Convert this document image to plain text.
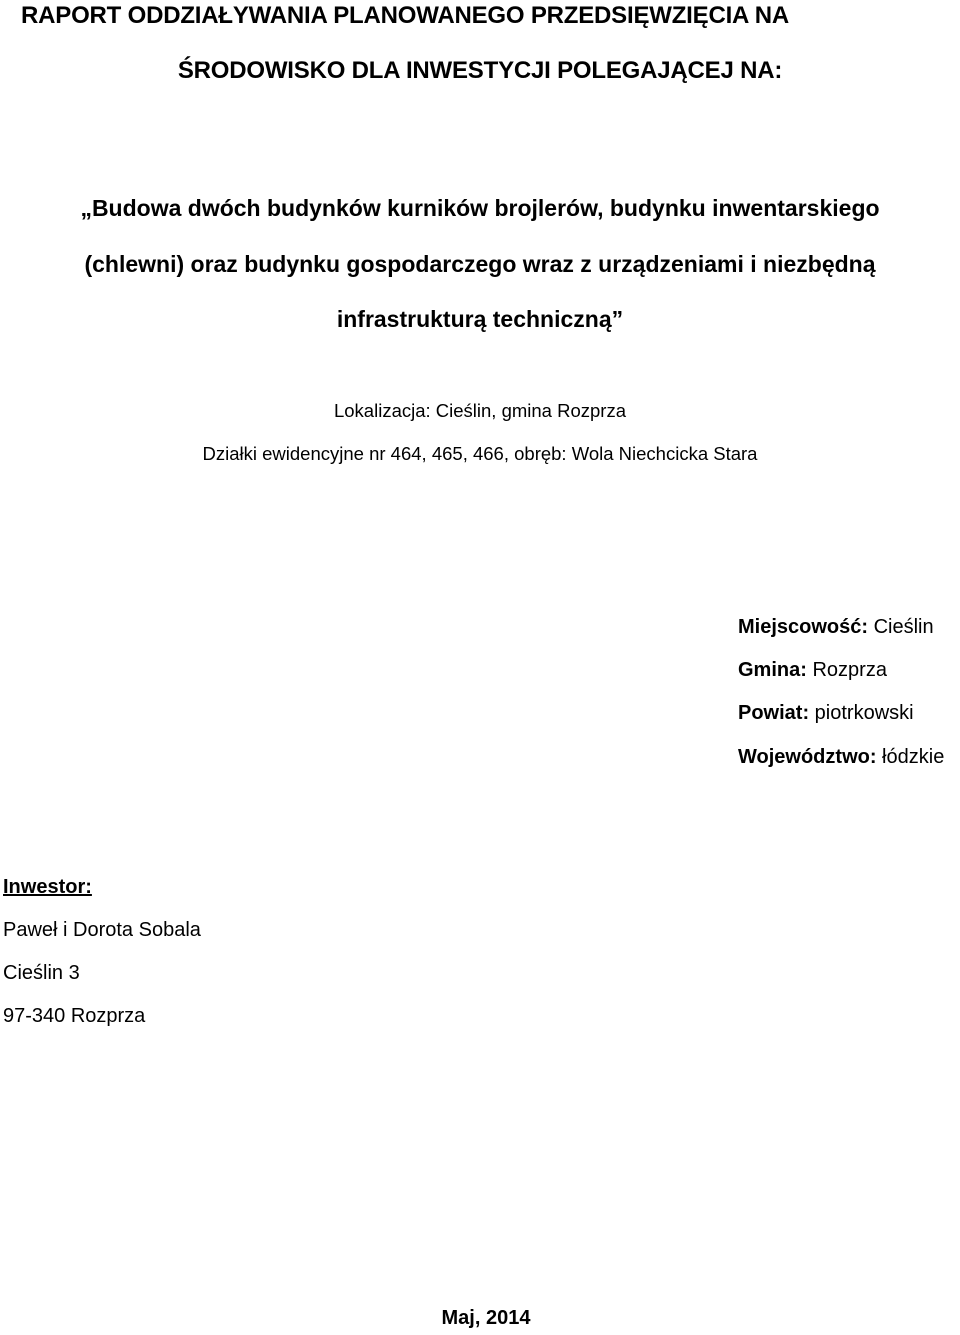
RAPORT ODDZIAŁYWANIA PLANOWANEGO PRZEDSIĘWZIĘCIA NA
ŚRODOWISKO DLA INWESTYCJI POLEGAJĄCEJ NA:
„Budowa dwóch budynków kurników brojlerów, budynku inwentarskiego
(chlewni) oraz budynku gospodarczego wraz z urządzeniami i niezbędną
infrastrukturą techniczną”
Lokalizacja: Cieślin, gmina Rozprza
Działki ewidencyjne nr 464, 465, 466, obręb: Wola Niechcicka Stara
Miejscowość: Cieślin
Gmina: Rozprza
Powiat: piotrkowski
Województwo: łódzkie
Inwestor:
Paweł i Dorota Sobala
Cieślin 3
97-340 Rozprza
Maj, 2014
